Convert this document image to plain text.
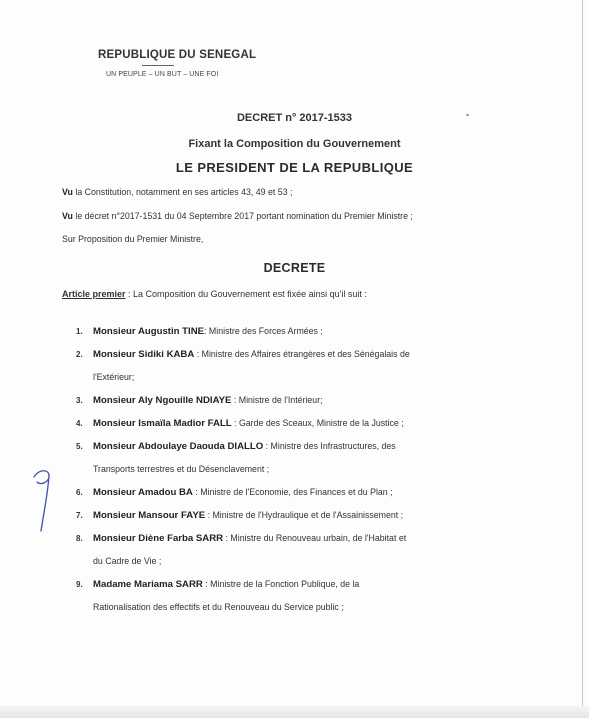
REPUBLIQUE DU SENEGAL
UN PEUPLE – UN BUT – UNE FOI
DECRET n° 2017-1533
Fixant la Composition du Gouvernement
LE PRESIDENT DE LA REPUBLIQUE
Vu la Constitution, notamment en ses articles 43, 49 et 53 ;
Vu le décret n°2017-1531 du 04 Septembre 2017 portant nomination du Premier Ministre ;
Sur Proposition du Premier Ministre,
DECRETE
Article premier : La Composition du Gouvernement est fixée ainsi qu'il suit :
1.	Monsieur Augustin TINE: Ministre des Forces Armées ;
2.	Monsieur Sidiki KABA : Ministre des Affaires étrangères et des Sénégalais de
l'Extérieur;
3.	Monsieur Aly Ngouille NDIAYE : Ministre de l'Intérieur;
4.	Monsieur Ismaïla Madior FALL : Garde des Sceaux, Ministre de la Justice ;
5.	Monsieur Abdoulaye Daouda DIALLO : Ministre des Infrastructures, des
Transports terrestres et du Désenclavement ;
6.	Monsieur Amadou BA : Ministre de l'Economie, des Finances et du Plan ;
7.	Monsieur Mansour FAYE : Ministre de l'Hydraulique et de l'Assainissement ;
8.	Monsieur Diène Farba SARR : Ministre du Renouveau urbain, de l'Habitat et
du Cadre de Vie ;
9.	Madame Mariama SARR : Ministre de la Fonction Publique, de la
Rationalisation des effectifs et du Renouveau du Service public ;
